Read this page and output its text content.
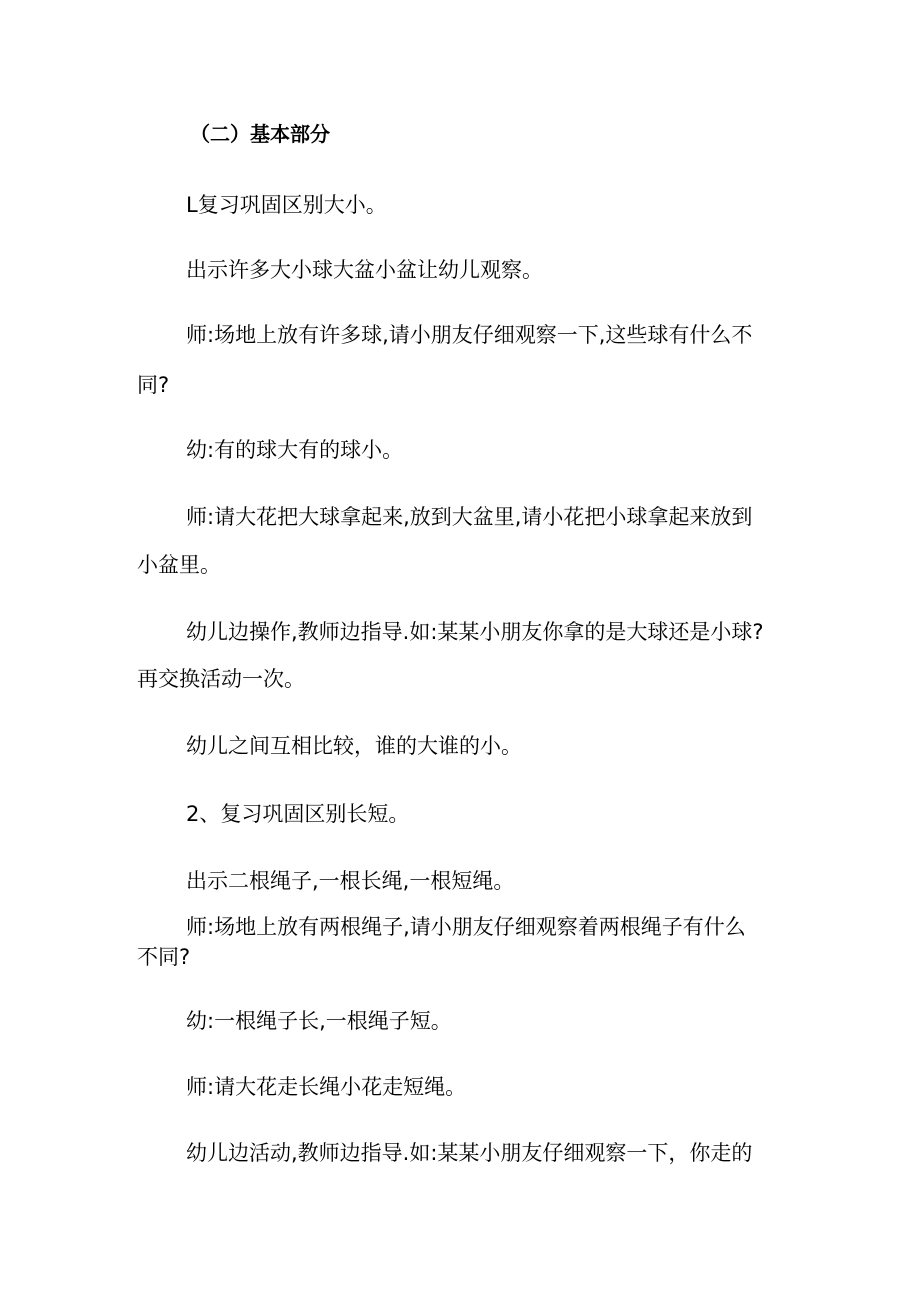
（二）基本部分
L复习巩固区别大小。
出示许多大小球大盆小盆让幼儿观察。
师:场地上放有许多球,请小朋友仔细观察一下,这些球有什么不
同?
幼:有的球大有的球小。
师:请大花把大球拿起来,放到大盆里,请小花把小球拿起来放到
小盆里。
幼儿边操作,教师边指导.如:某某小朋友你拿的是大球还是小球?
再交换活动一次。
幼儿之间互相比较，谁的大谁的小。
2、复习巩固区别长短。
出示二根绳子,一根长绳,一根短绳。
师:场地上放有两根绳子,请小朋友仔细观察着两根绳子有什么
不同?
幼:一根绳子长,一根绳子短。
师:请大花走长绳小花走短绳。
幼儿边活动,教师边指导.如:某某小朋友仔细观察一下，你走的
